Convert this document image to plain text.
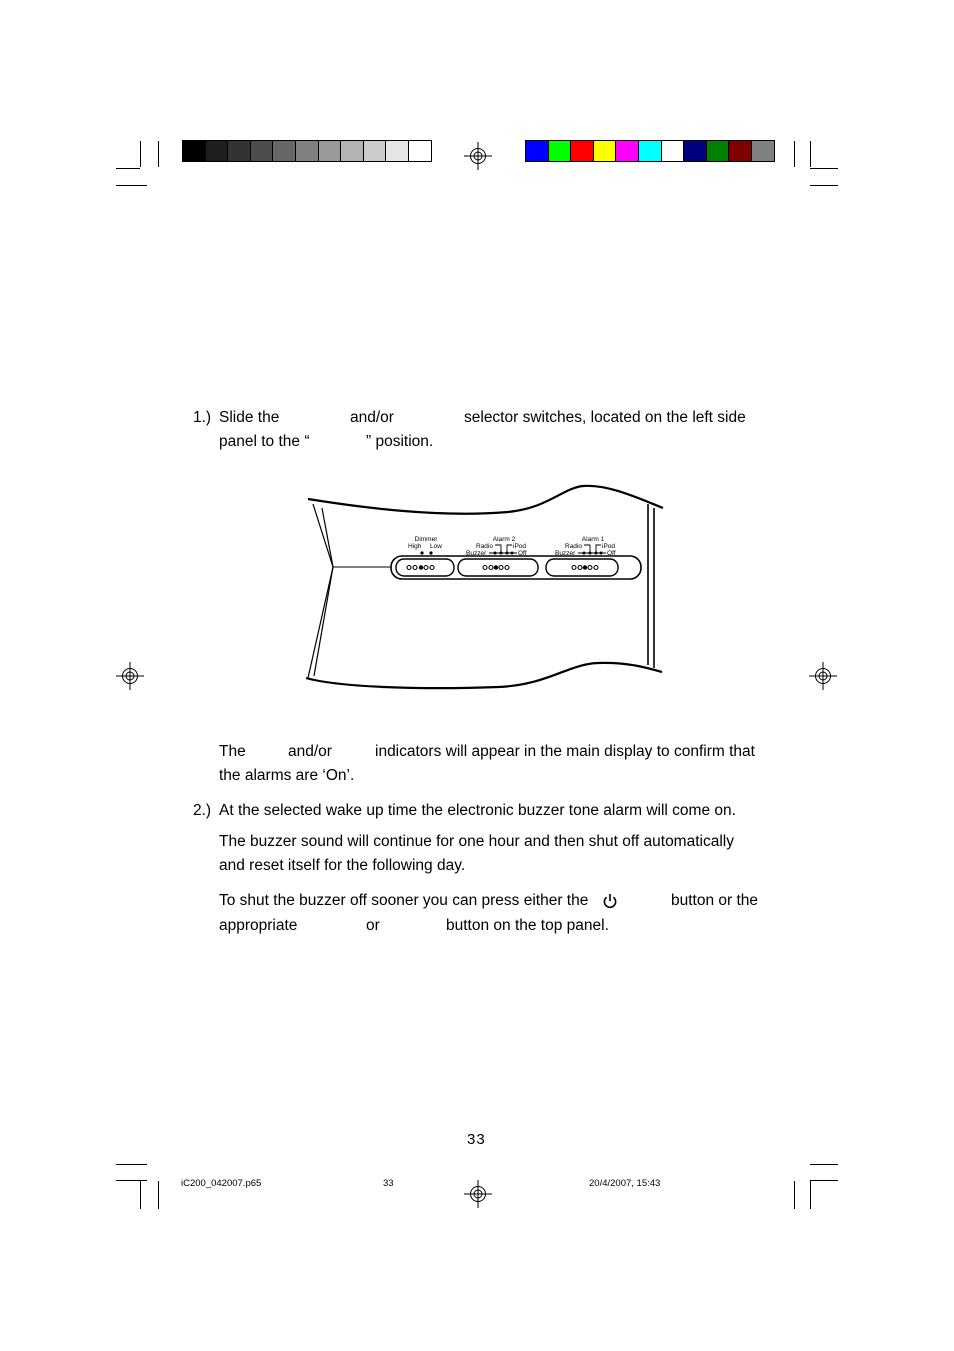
1.) Slide the	and/or	selector switches, located on the left side
panel to the “	” position.
Dimmer
High Low
Alarm 2
Radio	iPod
Buzzer	Off
Alarm 1
Radio	iPod
Buzzer	Off
The	and/or	indicators will appear in the main display to confirm that
the alarms are ‘On’.
2.) At the selected wake up time the electronic buzzer tone alarm will come on.
The buzzer sound will continue for one hour and then shut off automatically
and reset itself for the following day.
To shut the buzzer off sooner you can press either the	button or the
appropriate	or	button on the top panel.
33
iC200_042007.p65	33	20/4/2007, 15:43
